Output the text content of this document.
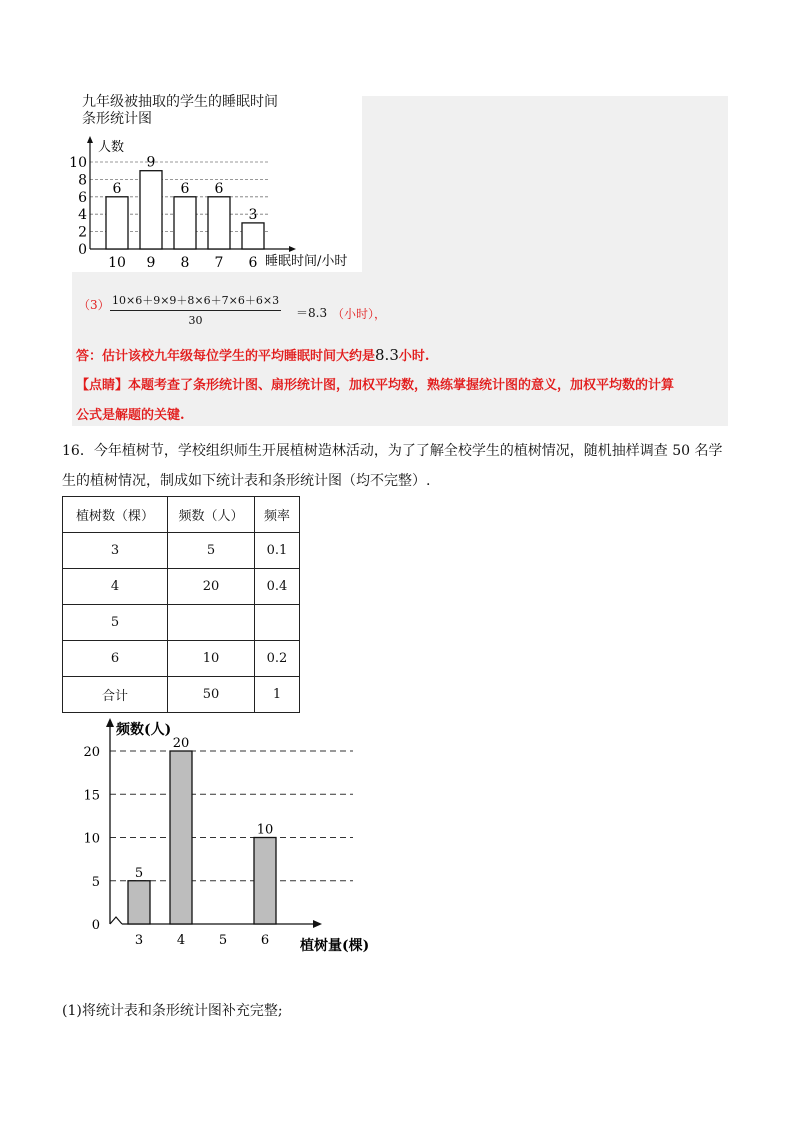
九年级被抽取的学生的睡眠时间
条形统计图
人数
睡眠时间/小时
10
8
6
4
2
0
6
10
9
9
6
8
6
7
3
6
（3） 10×6＋9×9＋8×6＋7×6＋6×3
30
＝8.3 （小时），
答：估计该校九年级每位学生的平均睡眠时间大约是8.3小时.
【点睛】本题考查了条形统计图、扇形统计图，加权平均数，熟练掌握统计图的意义，加权平均数的计算
公式是解题的关键.
16．今年植树节，学校组织师生开展植树造林活动，为了了解全校学生的植树情况，随机抽样调查 50 名学
生的植树情况，制成如下统计表和条形统计图（均不完整）.
植树数（棵）	频数（人）	频率
3	5	0.1
4	20	0.4
5		
6	10	0.2
合计	50	1
频数(人)
植树量(棵)
20
15
10
5
0
5
3
20
4	5
10
6
(1)将统计表和条形统计图补充完整;
